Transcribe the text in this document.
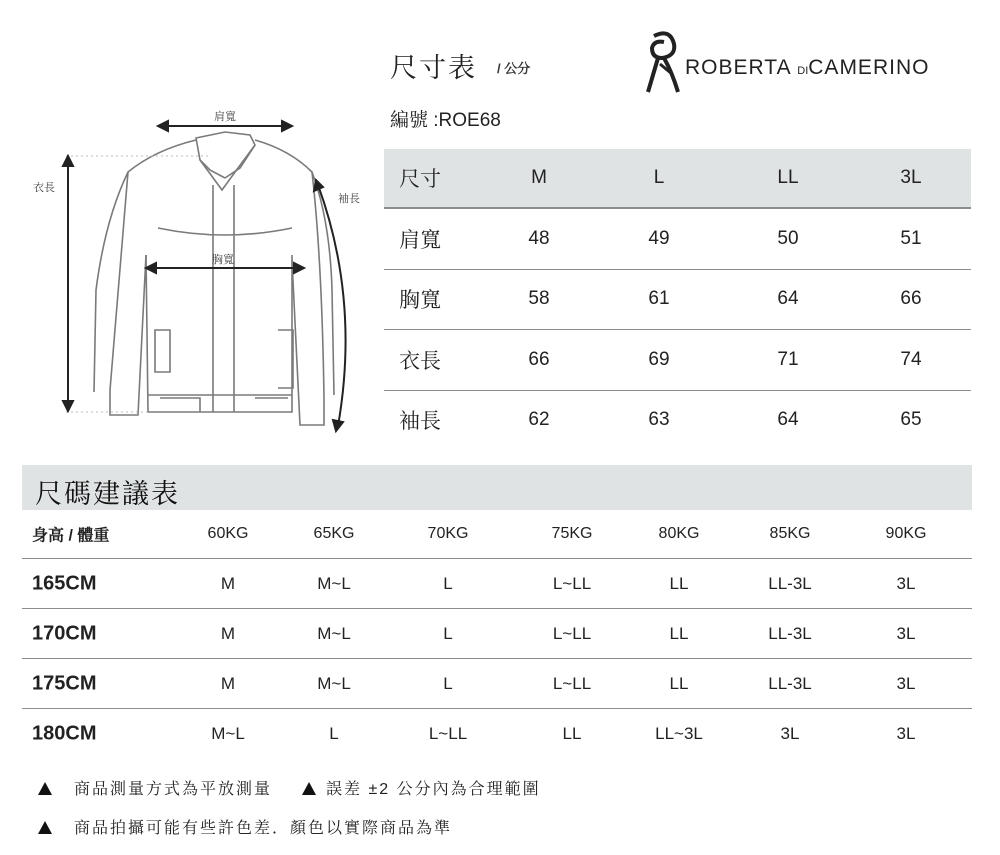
尺寸表 / 公分
編號 :ROE68
ROBERTA DICAMERINO
肩寬
胸寬
衣長
袖長
尺寸	M	L	LL	3L
肩寬	48	49	50	51
胸寬	58	61	64	66
衣長	66	69	71	74
袖長	62	63	64	65
尺碼建議表
身高 / 體重	60KG	65KG	70KG	75KG	80KG	85KG	90KG
165CM	M	M~L	L	L~LL	LL	LL-3L	3L
170CM	M	M~L	L	L~LL	LL	LL-3L	3L
175CM	M	M~L	L	L~LL	LL	LL-3L	3L
180CM	M~L	L	L~LL	LL	LL~3L	3L	3L
商品測量方式為平放測量	誤差 ±2 公分內為合理範圍
商品拍攝可能有些許色差．顏色以實際商品為準
